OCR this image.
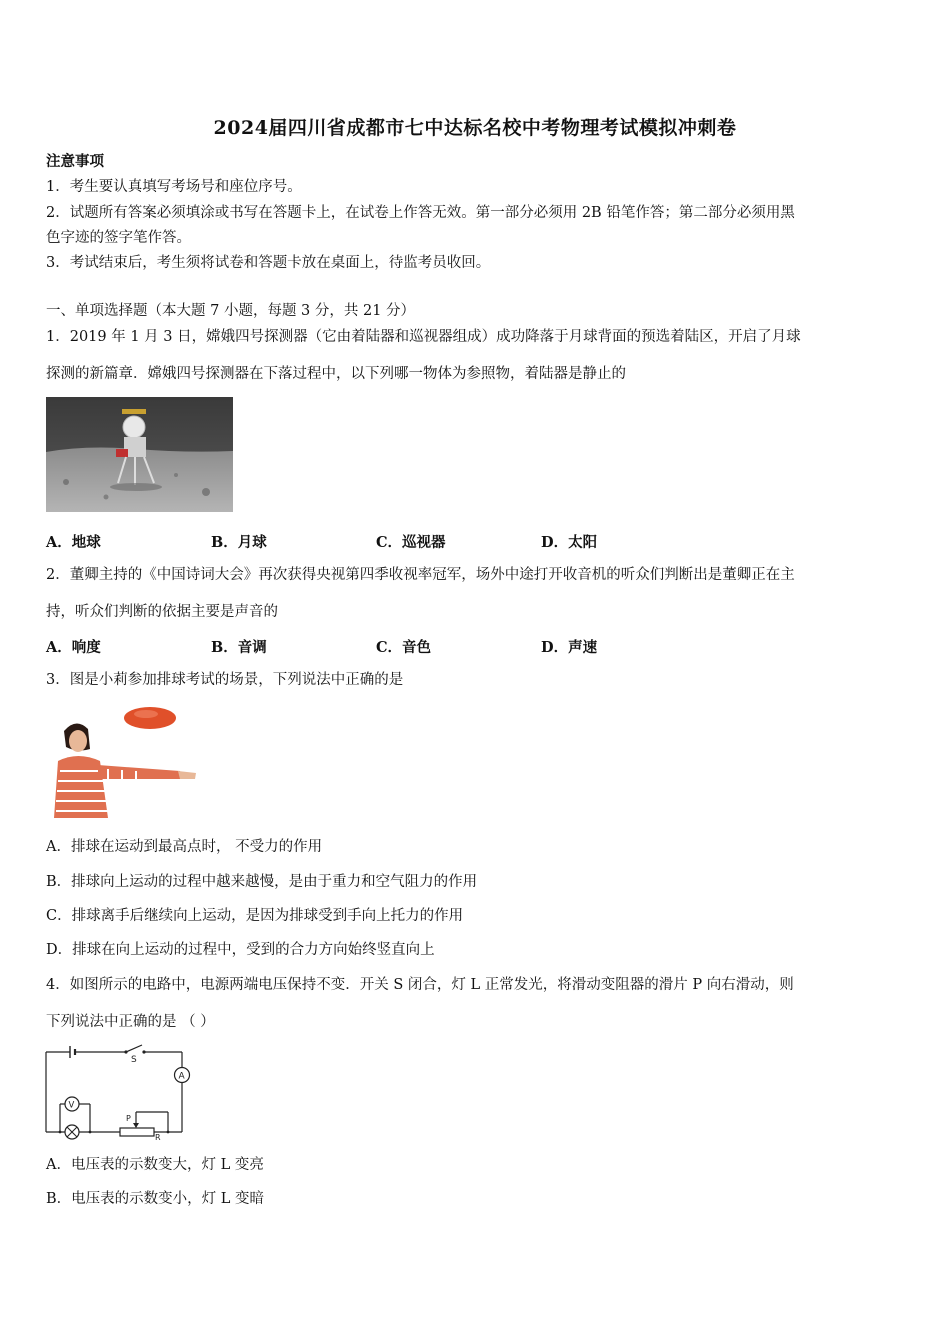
2024届四川省成都市七中达标名校中考物理考试模拟冲刺卷
注意事项
1．考生要认真填写考场号和座位序号。
2．试题所有答案必须填涂或书写在答题卡上，在试卷上作答无效。第一部分必须用 2B 铅笔作答；第二部分必须用黑
色字迹的签字笔作答。
3．考试结束后，考生须将试卷和答题卡放在桌面上，待监考员收回。
一、单项选择题（本大题 7 小题，每题 3 分，共 21 分）
1．2019 年 1 月 3 日，嫦娥四号探测器（它由着陆器和巡视器组成）成功降落于月球背面的预选着陆区，开启了月球
探测的新篇章．嫦娥四号探测器在下落过程中，以下列哪一物体为参照物，着陆器是静止的
A．地球	B．月球	C．巡视器	D．太阳
2．董卿主持的《中国诗词大会》再次获得央视第四季收视率冠军，场外中途打开收音机的听众们判断出是董卿正在主
持，听众们判断的依据主要是声音的
A．响度	B．音调	C．音色	D．声速
3．图是小莉参加排球考试的场景，下列说法中正确的是
A．排球在运动到最高点时， 不受力的作用
B．排球向上运动的过程中越来越慢，是由于重力和空气阻力的作用
C．排球离手后继续向上运动，是因为排球受到手向上托力的作用
D．排球在向上运动的过程中，受到的合力方向始终竖直向上
4．如图所示的电路中，电源两端电压保持不变．开关 S 闭合，灯 L 正常发光，将滑动变阻器的滑片 P 向右滑动，则
下列说法中正确的是 （ ）
S
A
R
P
V
A．电压表的示数变大，灯 L 变亮
B．电压表的示数变小，灯 L 变暗
